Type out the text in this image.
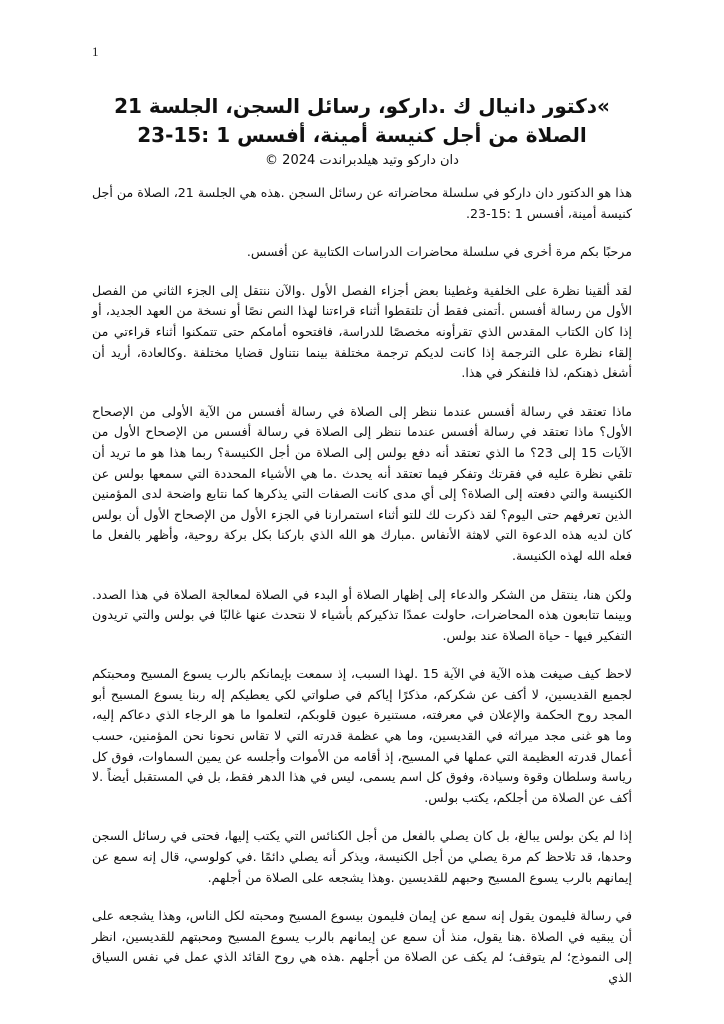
1
»دكتور دانيال ك .داركو، رسائل السجن، الجلسة 21
الصلاة من أجل كنيسة أمينة، أفسس 1 :15-23
دان داركو وتيد هيلدبراندت 2024 ©

هذا هو الدكتور دان داركو في سلسلة محاضراته عن رسائل السجن .هذه هي الجلسة 21، الصلاة من أجل كنيسة أمينة، أفسس 1 :15-23.

مرحبًا بكم مرة أخرى في سلسلة محاضرات الدراسات الكتابية عن أفسس.

لقد ألقينا نظرة على الخلفية وغطينا بعض أجزاء الفصل الأول .والآن ننتقل إلى الجزء الثاني من الفصل الأول من رسالة أفسس .أتمنى فقط أن تلتقطوا أثناء قراءتنا لهذا النص نصًا أو نسخة من العهد الجديد، أو إذا كان الكتاب المقدس الذي تقرأونه مخصصًا للدراسة، فافتحوه أمامكم حتى تتمكنوا أثناء قراءتي من إلقاء نظرة على الترجمة إذا كانت لديكم ترجمة مختلفة بينما نتناول قضايا مختلفة .وكالعادة، أريد أن أشغل ذهنكم، لذا فلنفكر في هذا.

ماذا تعتقد في رسالة أفسس عندما ننظر إلى الصلاة في رسالة أفسس من الآية الأولى من الإصحاح الأول؟ ماذا تعتقد في رسالة أفسس عندما ننظر إلى الصلاة في رسالة أفسس من الإصحاح الأول من الآيات 15 إلى 23؟ ما الذي تعتقد أنه دفع بولس إلى الصلاة من أجل الكنيسة؟ ربما هذا هو ما تريد أن تلقي نظرة عليه في فقرتك وتفكر فيما تعتقد أنه يحدث .ما هي الأشياء المحددة التي سمعها بولس عن الكنيسة والتي دفعته إلى الصلاة؟ إلى أي مدى كانت الصفات التي يذكرها كما نتابع واضحة لدى المؤمنين الذين تعرفهم حتى اليوم؟ لقد ذكرت لك للتو أثناء استمرارنا في الجزء الأول من الإصحاح الأول أن بولس كان لديه هذه الدعوة التي لاهثة الأنفاس .مبارك هو الله الذي باركنا بكل بركة روحية، وأظهر بالفعل ما فعله الله لهذه الكنيسة.

ولكن هنا، ينتقل من الشكر والدعاء إلى إظهار الصلاة أو البدء في الصلاة لمعالجة الصلاة في هذا الصدد. وبينما تتابعون هذه المحاضرات، حاولت عمدًا تذكيركم بأشياء لا نتحدث عنها غالبًا في بولس والتي تريدون التفكير فيها - حياة الصلاة عند بولس.

لاحظ كيف صيغت هذه الآية في الآية 15 .لهذا السبب، إذ سمعت بإيمانكم بالرب يسوع المسيح ومحبتكم لجميع القديسين، لا أكف عن شكركم، مذكرًا إياكم في صلواتي لكي يعطيكم إله ربنا يسوع المسيح أبو المجد روح الحكمة والإعلان في معرفته، مستنيرة عيون قلوبكم، لتعلموا ما هو الرجاء الذي دعاكم إليه، وما هو غنى مجد ميراثه في القديسين، وما هي عظمة قدرته التي لا تقاس نحونا نحن المؤمنين، حسب أعمال قدرته العظيمة التي عملها في المسيح، إذ أقامه من الأموات وأجلسه عن يمين السماوات، فوق كل رياسة وسلطان وقوة وسيادة، وفوق كل اسم يسمى، ليس في هذا الدهر فقط، بل في المستقبل أيضاً .لا أكف عن الصلاة من أجلكم، يكتب بولس.

إذا لم يكن بولس يبالغ، بل كان يصلي بالفعل من أجل الكنائس التي يكتب إليها، فحتى في رسائل السجن وحدها، قد تلاحظ كم مرة يصلي من أجل الكنيسة، ويذكر أنه يصلي دائمًا .في كولوسي، قال إنه سمع عن إيمانهم بالرب يسوع المسيح وحبهم للقديسين .وهذا يشجعه على الصلاة من أجلهم.

في رسالة فليمون يقول إنه سمع عن إيمان فليمون بيسوع المسيح ومحبته لكل الناس، وهذا يشجعه على أن يبقيه في الصلاة .هنا يقول، منذ أن سمع عن إيمانهم بالرب يسوع المسيح ومحبتهم للقديسين، انظر إلى النموذج؛ لم يتوقف؛ لم يكف عن الصلاة من أجلهم .هذه هي روح القائد الذي عمل في نفس السياق الذي
